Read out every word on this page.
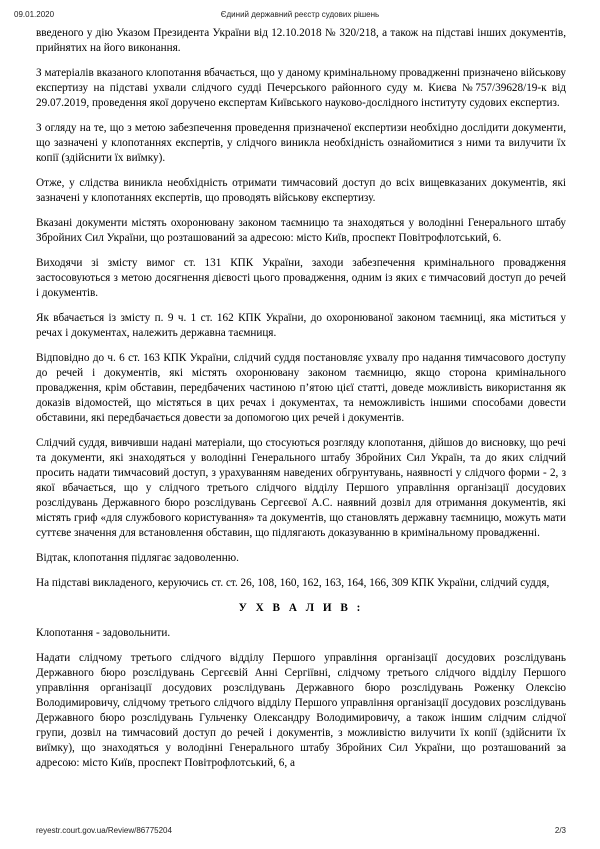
09.01.2020	Єдиний державний реєстр судових рішень

введеного у дію Указом Президента України від 12.10.2018 № 320/218, а також на підставі інших документів, прийнятих на його виконання.

З матеріалів вказаного клопотання вбачається, що у даному кримінальному провадженні призначено військову експертизу на підставі ухвали слідчого судді Печерського районного суду м. Києва №757/39628/19-к від 29.07.2019, проведення якої доручено експертам Київського науково-дослідного інституту судових експертиз.

З огляду на те, що з метою забезпечення проведення призначеної експертизи необхідно дослідити документи, що зазначені у клопотаннях експертів, у слідчого виникла необхідність ознайомитися з ними та вилучити їх копії (здійснити їх виїмку).

Отже, у слідства виникла необхідність отримати тимчасовий доступ до всіх вищевказаних документів, які зазначені у клопотаннях експертів, що проводять військову експертизу.

Вказані документи містять охоронювану законом таємницю та знаходяться у володінні Генерального штабу Збройних Сил України, що розташований за адресою: місто Київ, проспект Повітрофлотський, 6.

Виходячи зі змісту вимог ст. 131 КПК України, заходи забезпечення кримінального провадження застосовуються з метою досягнення дієвості цього провадження, одним із яких є тимчасовий доступ до речей і документів.

Як вбачається із змісту п. 9 ч. 1 ст. 162 КПК України, до охоронюваної законом таємниці, яка міститься у речах і документах, належить державна таємниця.

Відповідно до ч. 6 ст. 163 КПК України, слідчий суддя постановляє ухвалу про надання тимчасового доступу до речей і документів, які містять охоронювану законом таємницю, якщо сторона кримінального провадження, крім обставин, передбачених частиною п’ятою цієї статті, доведе можливість використання як доказів відомостей, що містяться в цих речах і документах, та неможливість іншими способами довести обставини, які передбачається довести за допомогою цих речей і документів.

Слідчий суддя, вивчивши надані матеріали, що стосуються розгляду клопотання, дійшов до висновку, що речі та документи, які знаходяться у володінні Генерального штабу Збройних Сил Україн, та до яких слідчий просить надати тимчасовий доступ, з урахуванням наведених обгрунтувань, наявності у слідчого форми - 2, з якої вбачається, що у слідчого третього слідчого відділу Першого управління організації досудових розслідувань Державного бюро розслідувань Сергєєвої А.С. наявний дозвіл для отримання документів, які містять гриф «для службового користування» та документів, що становлять державну таємницю, можуть мати суттєве значення для встановлення обставин, що підлягають доказуванню в кримінальному провадженні.

Відтак, клопотання підлягає задоволенню.

На підставі викладеного, керуючись ст. ст. 26, 108, 160, 162, 163, 164, 166, 309 КПК України, слідчий суддя,

У Х В А Л И В :

Клопотання - задовольнити.

Надати слідчому третього слідчого відділу Першого управління організації досудових розслідувань Державного бюро розслідувань Сергєєвій Анні Сергіївні, слідчому третього слідчого відділу Першого управління організації досудових розслідувань Державного бюро розслідувань Роженку Олексію Володимировичу, слідчому третього слідчого відділу Першого управління організації досудових розслідувань Державного бюро розслідувань Гульченку Олександру Володимировичу, а також іншим слідчим слідчої групи, дозвіл на тимчасовий доступ до речей і документів, з можливістю вилучити їх копії (здійснити їх виїмку), що знаходяться у володінні Генерального штабу Збройних Сил України, що розташований за адресою: місто Київ, проспект Повітрофлотський, 6, а

reyestr.court.gov.ua/Review/86775204	2/3
